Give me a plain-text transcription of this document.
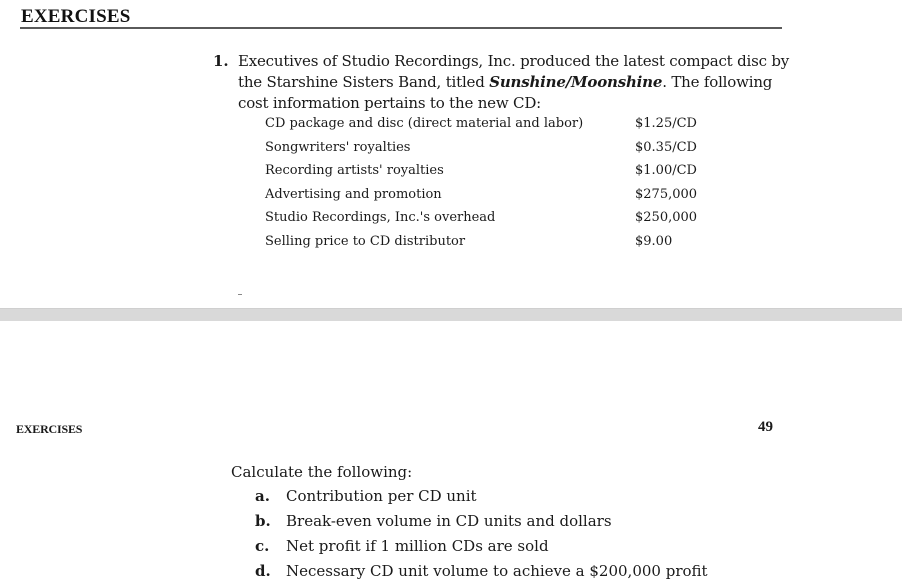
EXERCISES
1. Executives of Studio Recordings, Inc. produced the latest compact disc by the Starshine Sisters Band, titled Sunshine/Moonshine. The following cost information pertains to the new CD:
CD package and disc (direct material and labor)	$1.25/CD
Songwriters' royalties	$0.35/CD
Recording artists' royalties	$1.00/CD
Advertising and promotion	$275,000
Studio Recordings, Inc.'s overhead	$250,000
Selling price to CD distributor	$9.00
EXERCISES	49
Calculate the following:
a. Contribution per CD unit
b. Break-even volume in CD units and dollars
c. Net profit if 1 million CDs are sold
d. Necessary CD unit volume to achieve a $200,000 profit
